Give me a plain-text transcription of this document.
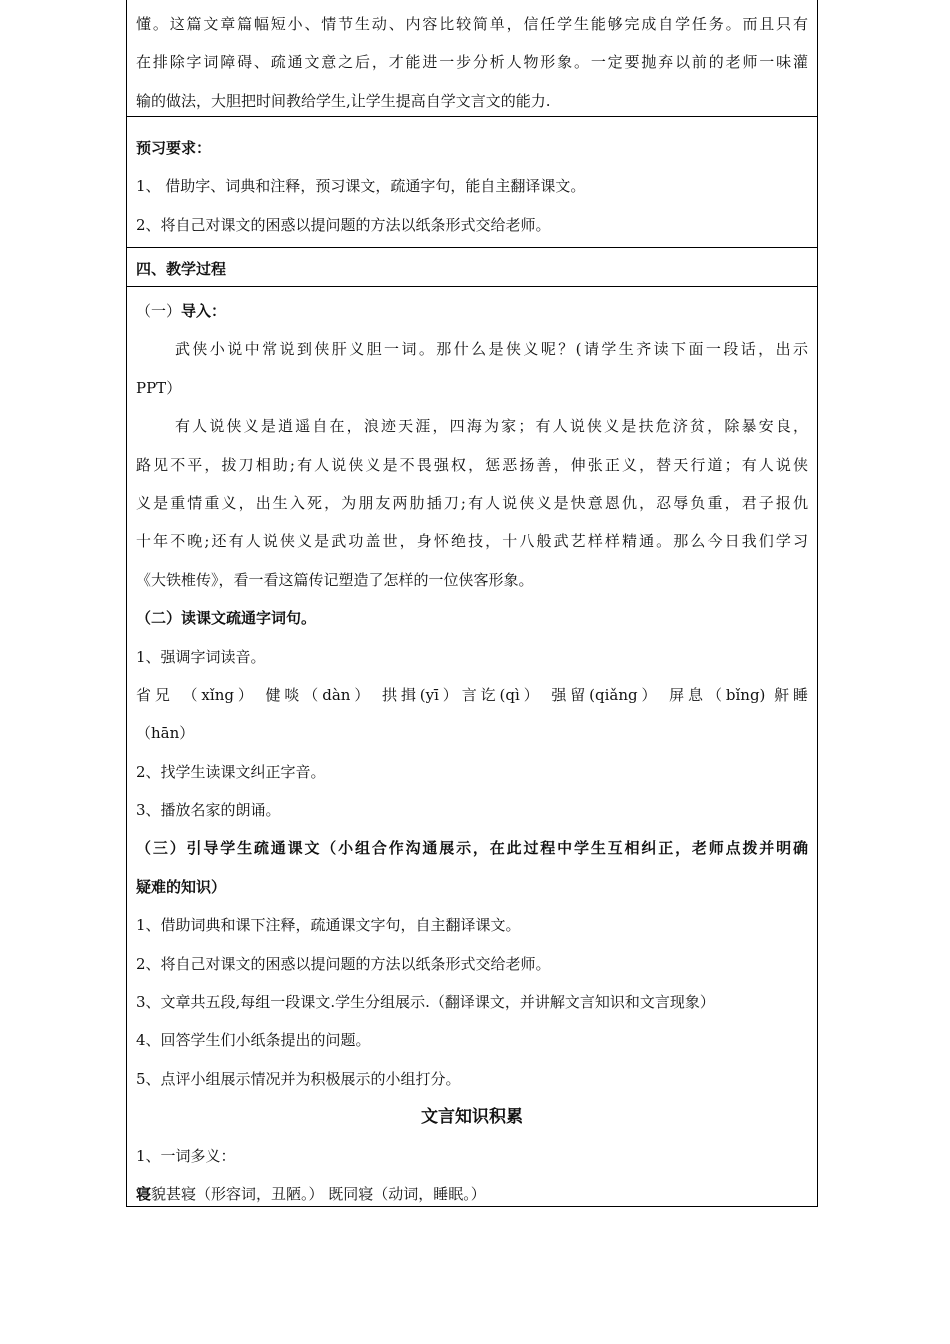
懂。这篇文章篇幅短小、情节生动、内容比较简单，信任学生能够完成自学任务。而且只有
在排除字词障碍、疏通文意之后，才能进一步分析人物形象。一定要抛弃以前的老师一味灌
输的做法，大胆把时间教给学生,让学生提高自学文言文的能力.
预习要求：
1、 借助字、词典和注释，预习课文，疏通字句，能自主翻译课文。
2、将自己对课文的困惑以提问题的方法以纸条形式交给老师。
四、教学过程
（一）导入：
武侠小说中常说到侠肝义胆一词。那什么是侠义呢？(请学生齐读下面一段话，出示
PPT）
有人说侠义是逍遥自在，浪迹天涯，四海为家；有人说侠义是扶危济贫，除暴安良，
路见不平，拔刀相助;有人说侠义是不畏强权，惩恶扬善，伸张正义，替天行道；有人说侠
义是重情重义，出生入死，为朋友两肋插刀;有人说侠义是快意恩仇，忍辱负重，君子报仇
十年不晚;还有人说侠义是武功盖世，身怀绝技，十八般武艺样样精通。那么今日我们学习
《大铁椎传》，看一看这篇传记塑造了怎样的一位侠客形象。
（二）读课文疏通字词句。
1、强调字词读音。
省兄 （xǐng） 健啖（dàn） 拱揖(yī）言讫(qì） 强留(qiǎng） 屏息（bǐng) 鼾睡
（hān）
2、找学生读课文纠正字音。
3、播放名家的朗诵。
（三）引导学生疏通课文（小组合作沟通展示，在此过程中学生互相纠正，老师点拨并明确
疑难的知识）
1、借助词典和课下注释，疏通课文字句，自主翻译课文。
2、将自己对课文的困惑以提问题的方法以纸条形式交给老师。
3、文章共五段,每组一段课文.学生分组展示.（翻译课文，并讲解文言知识和文言现象）
4、回答学生们小纸条提出的问题。
5、点评小组展示情况并为积极展示的小组打分。
文言知识积累
1、一词多义：
寝貌甚寝（形容词，丑陋。） 既同寝（动词，睡眠。）
